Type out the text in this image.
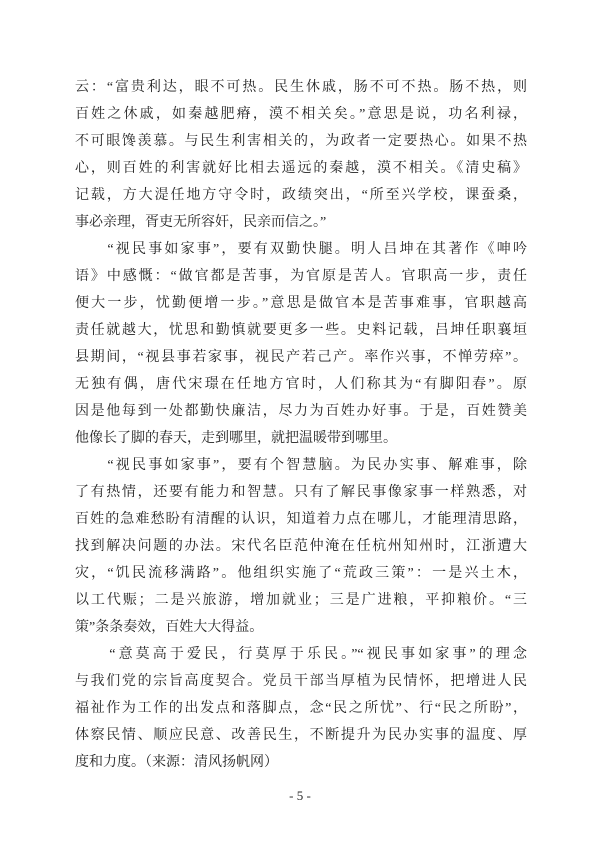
云：“富贵利达，眼不可热。民生休戚，肠不可不热。肠不热，则
百姓之休戚，如秦越肥瘠，漠不相关矣。”意思是说，功名利禄，
不可眼馋羡慕。与民生利害相关的，为政者一定要热心。如果不热
心，则百姓的利害就好比相去遥远的秦越，漠不相关。《清史稿》
记载，方大湜任地方守令时，政绩突出，“所至兴学校，课蚕桑，
事必亲理，胥吏无所容奸，民亲而信之。”
　　“视民事如家事”，要有双勤快腿。明人吕坤在其著作《呻吟
语》中感慨：“做官都是苦事，为官原是苦人。官职高一步，责任
便大一步，忧勤便增一步。”意思是做官本是苦事难事，官职越高
责任就越大，忧思和勤慎就要更多一些。史料记载，吕坤任职襄垣
县期间，“视县事若家事，视民产若己产。率作兴事，不惮劳瘁”。
无独有偶，唐代宋璟在任地方官时，人们称其为“有脚阳春”。原
因是他每到一处都勤快廉洁，尽力为百姓办好事。于是，百姓赞美
他像长了脚的春天，走到哪里，就把温暖带到哪里。
　　“视民事如家事”，要有个智慧脑。为民办实事、解难事，除
了有热情，还要有能力和智慧。只有了解民事像家事一样熟悉，对
百姓的急难愁盼有清醒的认识，知道着力点在哪儿，才能理清思路，
找到解决问题的办法。宋代名臣范仲淹在任杭州知州时，江浙遭大
灾，“饥民流移满路”。他组织实施了“荒政三策”：一是兴土木，
以工代赈；二是兴旅游，增加就业；三是广进粮，平抑粮价。“三
策”条条奏效，百姓大大得益。
　　“意莫高于爱民，行莫厚于乐民。”“视民事如家事”的理念
与我们党的宗旨高度契合。党员干部当厚植为民情怀，把增进人民
福祉作为工作的出发点和落脚点，念“民之所忧”、行“民之所盼”，
体察民情、顺应民意、改善民生，不断提升为民办实事的温度、厚
度和力度。（来源：清风扬帆网）
- 5 -
